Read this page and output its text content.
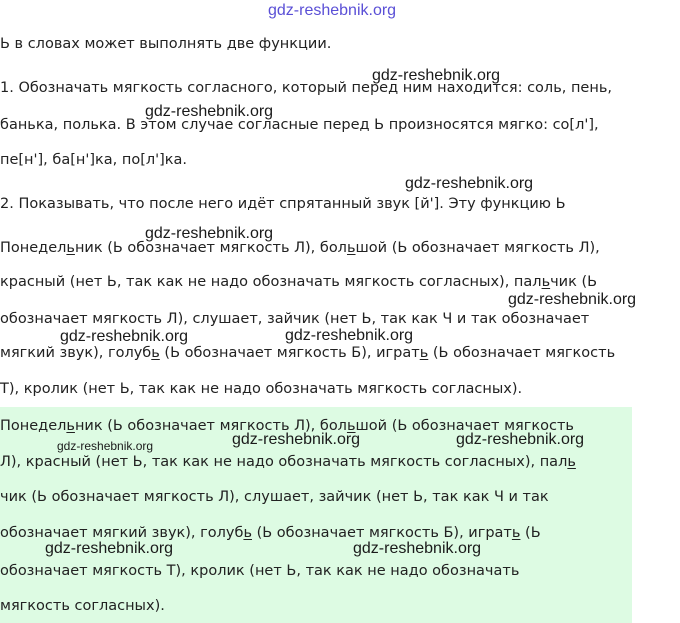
Ь в словах может выполнять две функции.
1. Обозначать мягкость согласного, который перед ним находится: соль, пень,
банька, полька. В этом случае согласные перед Ь произносятся мягко: со[л'],
пе[н'], ба[н']ка, по[л']ка.
2. Показывать, что после него идёт спрятанный звук [й']. Эту функцию Ь
Понедельник (Ь обозначает мягкость Л), большой (Ь обозначает мягкость Л),
красный (нет Ь, так как не надо обозначать мягкость согласных), пальчик (Ь
обозначает мягкость Л), слушает, зайчик (нет Ь, так как Ч и так обозначает
мягкий звук), голубь (Ь обозначает мягкость Б), играть (Ь обозначает мягкость
Т), кролик (нет Ь, так как не надо обозначать мягкость согласных).
Понедельник (Ь обозначает мягкость Л), большой (Ь обозначает мягкость
Л), красный (нет Ь, так как не надо обозначать мягкость согласных), паль
чик (Ь обозначает мягкость Л), слушает, зайчик (нет Ь, так как Ч и так
обозначает мягкий звук), голубь (Ь обозначает мягкость Б), играть (Ь
обозначает мягкость Т), кролик (нет Ь, так как не надо обозначать
мягкость согласных).
gdz-reshebnik.org
gdz-reshebnik.org
gdz-reshebnik.org
gdz-reshebnik.org
gdz-reshebnik.org
gdz-reshebnik.org
gdz-reshebnik.org	gdz-reshebnik.org
gdz-reshebnik.org	gdz-reshebnik.org	gdz-reshebnik.org
gdz-reshebnik.org	gdz-reshebnik.org
